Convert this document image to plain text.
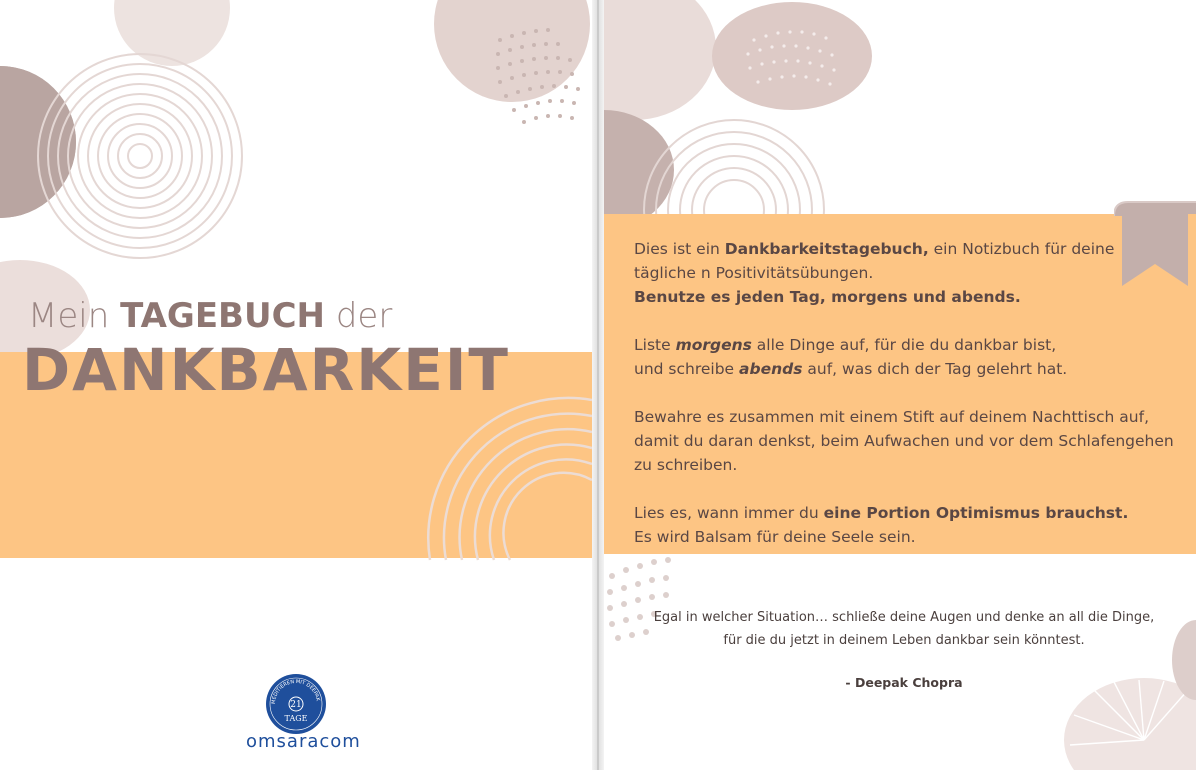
Mein TAGEBUCH der
DANKBARKEIT
MEDITIEREN MIT DEEPAK
21
TAGE
omsaracom

Dies ist ein Dankbarkeitstagebuch, ein Notizbuch für deine tägliche n Positivitätsübungen.
Benutze es jeden Tag, morgens und abends.

Liste morgens alle Dinge auf, für die du dankbar bist,
und schreibe abends auf, was dich der Tag gelehrt hat.

Bewahre es zusammen mit einem Stift auf deinem Nachttisch auf, damit du daran denkst, beim Aufwachen und vor dem Schlafengehen zu schreiben.

Lies es, wann immer du eine Portion Optimismus brauchst.
Es wird Balsam für deine Seele sein.

Egal in welcher Situation… schließe deine Augen und denke an all die Dinge,
für die du jetzt in deinem Leben dankbar sein könntest.
- Deepak Chopra
